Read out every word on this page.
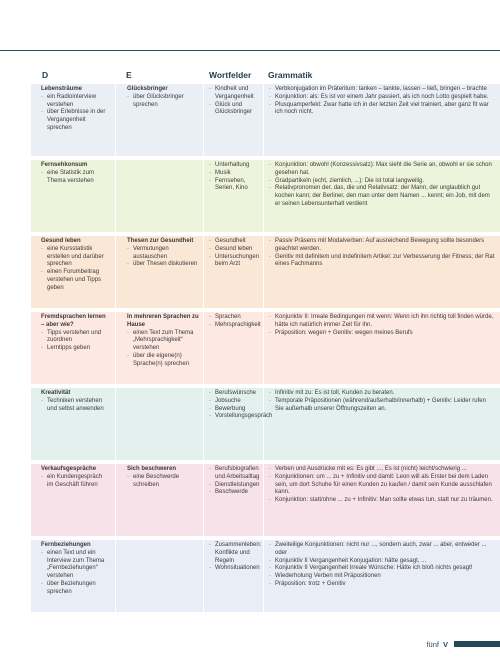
D	E	Wortfelder Grammatik
Lebensträume
· ein Radiointerview verstehen
· über Erlebnisse in der Vergangenheit sprechen
Glücksbringer
· über Glücksbringer sprechen
· Kindheit und Vergangenheit
· Glück und Glücksbringer
· Verbkonjugation im Präteritum: tanken – tankte, lassen – ließ, bringen – brachte
· Konjunktion: als: Es ist vor einem Jahr passiert, als ich noch Lotto gespielt habe.
· Plusquamperfekt: Zwar hatte ich in der letzten Zeit viel trainiert, aber ganz fit war ich noch nicht.
Fernsehkonsum
· eine Statistik zum Thema verstehen
· Unterhaltung
· Musik
· Fernsehen, Serien, Kino
· Konjunktion: obwohl (Konzessivsatz): Max sieht die Serie an, obwohl er sie schon gesehen hat.
· Gradpartikeln (echt, ziemlich, ...): Die ist total langweilig.
· Relativpronomen der, das, die und Relativsatz: der Mann, der unglaublich gut kochen kann; der Berliner, den man unter dem Namen ... kennt; ein Job, mit dem er seinen Lebensunterhalt verdient
Gesund leben
· eine Kursstatistik erstellen und darüber sprechen
· einen Forumbeitrag verstehen und Tipps geben
Thesen zur Gesundheit
· Vermutungen austauschen
· über Thesen diskutieren
· Gesundheit
· Gesund leben
· Untersuchungen beim Arzt
· Passiv Präsens mit Modalverben: Auf ausreichend Bewegung sollte besonders geachtet werden.
· Genitiv mit definitem und indefinitem Artikel: zur Verbesserung der Fitness; der Rat eines Fachmanns
Fremdsprachen lernen – aber wie?
· Tipps verstehen und zuordnen
· Lerntipps geben
In mehreren Sprachen zu Hause
· einen Text zum Thema „Mehrsprachigkeit“ verstehen
· über die eigene(n) Sprache(n) sprechen
· Sprachen
· Mehrsprachigkeit
· Konjunktiv II: Irreale Bedingungen mit wenn: Wenn ich ihn richtig toll finden würde, hätte ich natürlich immer Zeit für ihn.
· Präposition: wegen + Genitiv: wegen meines Berufs
Kreativität
· Techniken verstehen und selbst anwenden
· Berufswünsche
· Jobsuche
· Bewerbung
· Vorstellungsgespräch
· Infinitiv mit zu: Es ist toll, Kunden zu beraten.
· Temporale Präpositionen (während/außerhalb/innerhalb) + Genitiv: Leider rufen Sie außerhalb unserer Öffnungszeiten an.
Verkaufsgespräche
· ein Kundengespräch im Geschäft führen
Sich beschweren
· eine Beschwerde schreiben
· Berufsbiografien und Arbeitsalltag
· Dienstleistungen
· Beschwerde
· Verben und Ausdrücke mit es: Es gibt ..., Es ist (nicht) leicht/schwierig ...
· Konjunktionen: um ... zu + Infinitiv und damit: Leon will als Erster bei dem Laden sein, um dort Schuhe für einen Kunden zu kaufen / damit sein Kunde ausschlafen kann.
· Konjunktion: statt/ohne ... zu + Infinitiv: Man sollte etwas tun, statt nur zu träumen.
Fernbeziehungen
· einen Text und ein Interview zum Thema „Fernbeziehungen“ verstehen
· über Beziehungen sprechen
· Zusammenleben: Konflikte und Regeln
· Wohnsituationen
· Zweiteilige Konjunktionen: nicht nur ..., sondern auch, zwar ... aber, entweder ... oder
· Konjunktiv II Vergangenheit Konjugation: hätte gesagt, ...
· Konjunktiv II Vergangenheit Irreale Wünsche: Hätte ich bloß nichts gesagt!
· Wiederholung Verben mit Präpositionen
· Präposition: trotz + Genitiv
fünf V
